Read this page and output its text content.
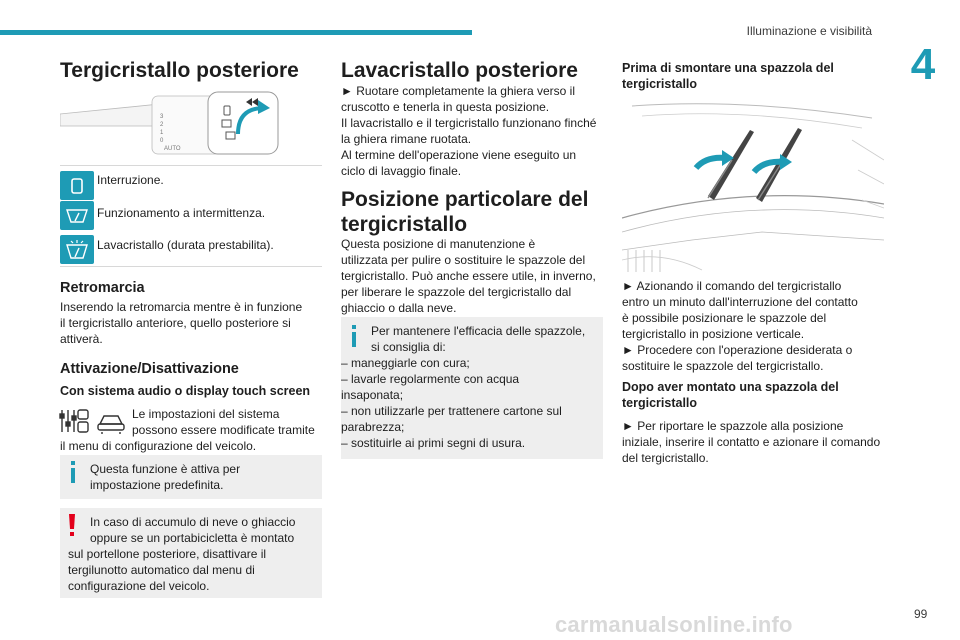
Illuminazione e visibilità
4
Tergicristallo posteriore
3
2
1
0
AUTO
Interruzione.
Funzionamento a intermittenza.
Lavacristallo (durata prestabilita).
Retromarcia

Inserendo la retromarcia mentre è in funzione
il tergicristallo anteriore, quello posteriore si
attiverà.

Attivazione/Disattivazione
Con sistema audio o display touch screen

Le impostazioni del sistema
possono essere modificate tramite

il menu di configurazione del veicolo.

Questa funzione è attiva per
impostazione predefinita.

In caso di accumulo di neve o ghiaccio
oppure se un portabicicletta è montato

sul portellone posteriore, disattivare il
tergilunotto automatico dal menu di
configurazione del veicolo.

Lavacristallo posteriore

► Ruotare completamente la ghiera verso il
cruscotto e tenerla in questa posizione.
Il lavacristallo e il tergicristallo funzionano finché
la ghiera rimane ruotata.
Al termine dell'operazione viene eseguito un
ciclo di lavaggio finale.

Posizione particolare del tergicristallo

Questa posizione di manutenzione è
utilizzata per pulire o sostituire le spazzole del
tergicristallo. Può anche essere utile, in inverno,
per liberare le spazzole del tergicristallo dal
ghiaccio o dalla neve.

Per mantenere l'efficacia delle spazzole,
si consiglia di:

– maneggiarle con cura;
– lavarle regolarmente con acqua
insaponata;
– non utilizzarle per trattenere cartone sul
parabrezza;
– sostituirle ai primi segni di usura.

Prima di smontare una spazzola del tergicristallo

► Azionando il comando del tergicristallo
entro un minuto dall'interruzione del contatto
è possibile posizionare le spazzole del
tergicristallo in posizione verticale.
► Procedere con l'operazione desiderata o
sostituire le spazzole del tergicristallo.

Dopo aver montato una spazzola del tergicristallo

► Per riportare le spazzole alla posizione
iniziale, inserire il contatto e azionare il comando
del tergicristallo.

99
carmanualsonline.info
